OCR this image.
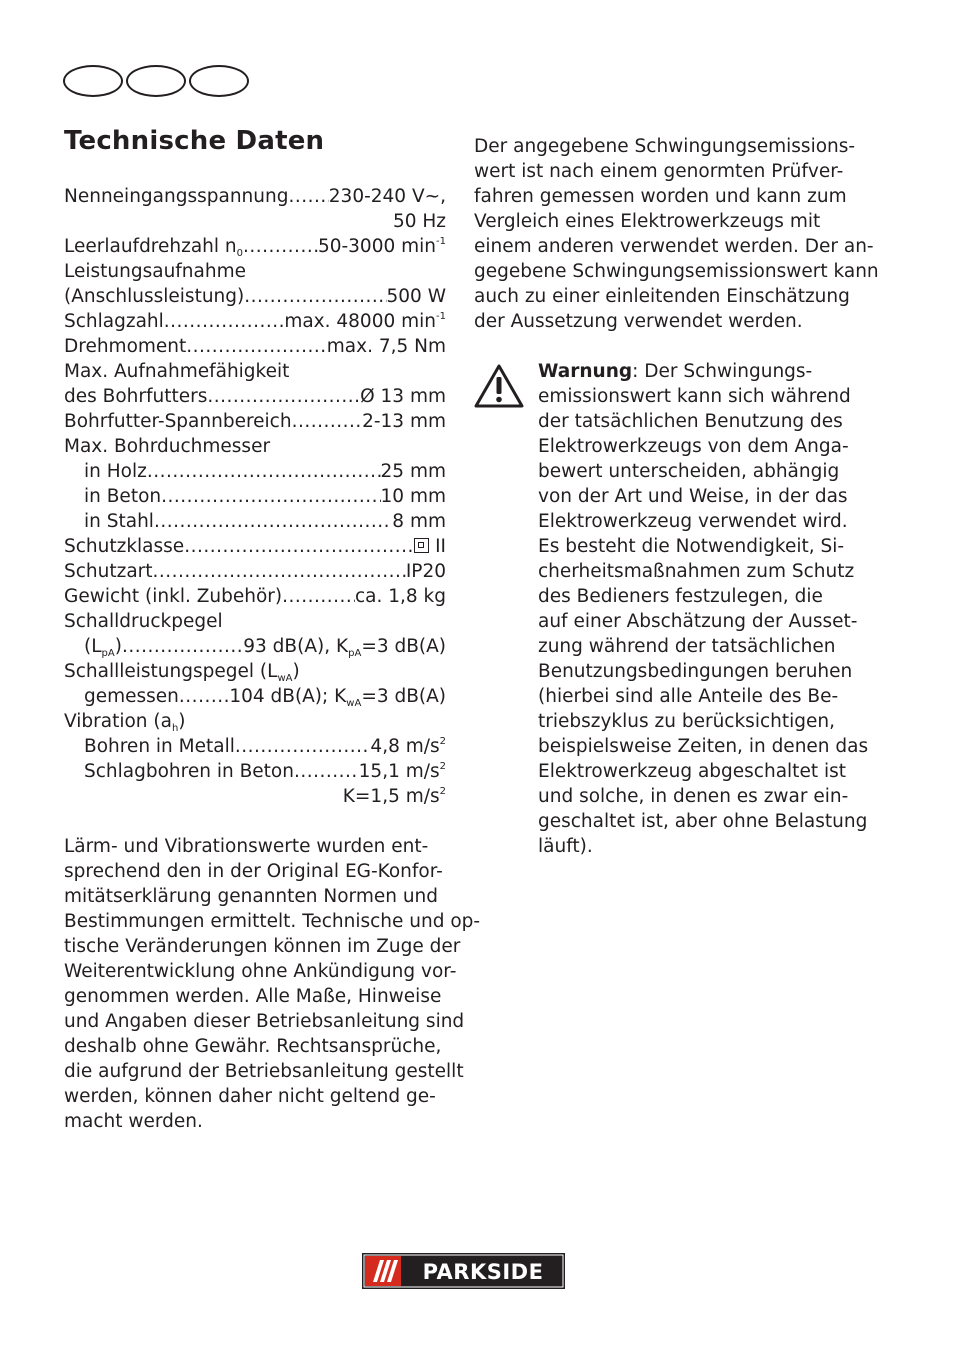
Technische Daten
Nenneingangsspannung ..... 230-240 V~,
50 Hz
Leerlaufdrehzahl $n_0$ .....	50-3000 $\min^{-1}$
Leistungsaufnahme
(Anschlussleistung) .....	500 W
Schlagzahl .....	max. 48000 $\min^{-1}$
Drehmoment .....	max. 7,5 Nm
Max. Aufnahmefähigkeit
des Bohrfutters .....	Ø 13 mm
Bohrfutter-Spannbereich .....	2-13 mm
Max. Bohrduchmesser
in Holz .....	25 mm
in Beton .....	10 mm
in Stahl .....	8 mm
Schutzklasse .....	II
Schutzart .....	IP20
Gewicht (inkl. Zubehör) .....	ca. 1,8 kg
Schalldruckpegel
$(L_{pA})$ .....	93 dB(A), $K_{pA}=3$ dB(A)
Schallleistungspegel $(L_{wA})$
gemessen .....	104 dB(A); $K_{wA}=3$ dB(A)
Vibration $(a_h)$
Bohren in Metall .....	4,8 $m/s^2$
Schlagbohren in Beton .....	15,1 $m/s^2$
K=1,5 $m/s^2$

Lärm- und Vibrationswerte wurden ent-
sprechend den in der Original EG-Konfor-
mitätserklärung genannten Normen und
Bestimmungen ermittelt. Technische und op-
tische Veränderungen können im Zuge der
Weiterentwicklung ohne Ankündigung vor-
genommen werden. Alle Maße, Hinweise
und Angaben dieser Betriebsanleitung sind
deshalb ohne Gewähr. Rechtsansprüche,
die aufgrund der Betriebsanleitung gestellt
werden, können daher nicht geltend ge-
macht werden.

Der angegebene Schwingungsemissions-
wert ist nach einem genormten Prüfver-
fahren gemessen worden und kann zum
Vergleich eines Elektrowerkzeugs mit
einem anderen verwendet werden. Der an-
gegebene Schwingungsemissionswert kann
auch zu einer einleitenden Einschätzung
der Aussetzung verwendet werden.

Warnung: Der Schwingungs-
emissionswert kann sich während
der tatsächlichen Benutzung des
Elektrowerkzeugs von dem Anga-
bewert unterscheiden, abhängig
von der Art und Weise, in der das
Elektrowerkzeug verwendet wird.
Es besteht die Notwendigkeit, Si-
cherheitsmaßnahmen zum Schutz
des Bedieners festzulegen, die
auf einer Abschätzung der Ausset-
zung während der tatsächlichen
Benutzungsbedingungen beruhen
(hierbei sind alle Anteile des Be-
triebszyklus zu berücksichtigen,
beispielsweise Zeiten, in denen das
Elektrowerkzeug abgeschaltet ist
und solche, in denen es zwar ein-
geschaltet ist, aber ohne Belastung
läuft).

PARKSIDE
